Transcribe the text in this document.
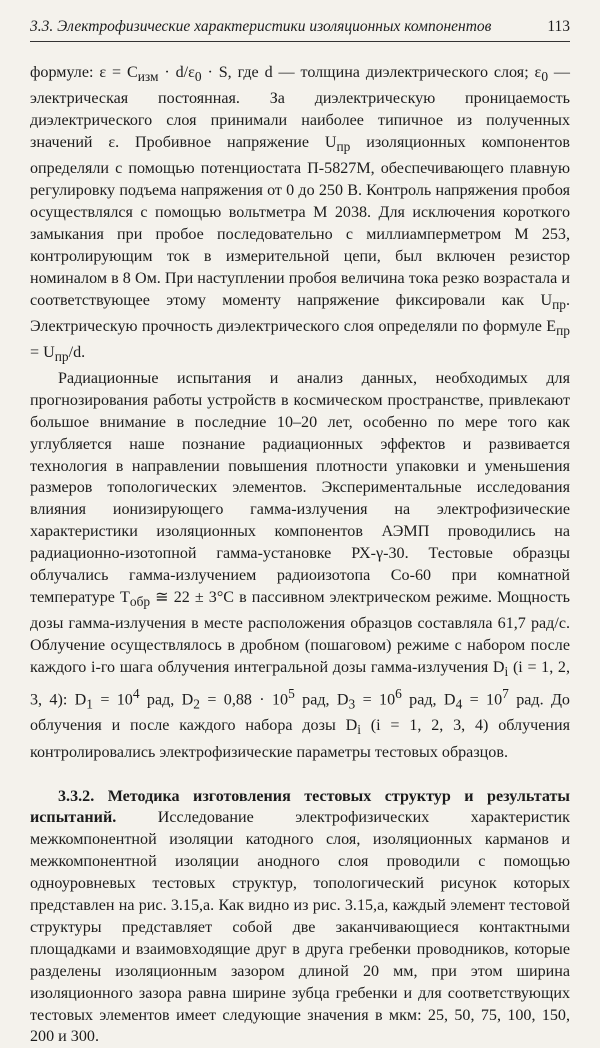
3.3. Электрофизические характеристики изоляционных компонентов	113

формуле: $\varepsilon = C_{изм} \cdot d/\varepsilon_0 \cdot S$, где d — толщина диэлектрического слоя; $\varepsilon_0$ — электрическая постоянная. За диэлектрическую проницаемость диэлектрического слоя принимали наиболее типичное из полученных значений ε. Пробивное напряжение $U_{пр}$ изоляционных компонентов определяли с помощью потенциостата П-5827М, обеспечивающего плавную регулировку подъема напряжения от 0 до 250 В. Контроль напряжения пробоя осуществлялся с помощью вольтметра М 2038. Для исключения короткого замыкания при пробое последовательно с миллиамперметром М 253, контролирующим ток в измерительной цепи, был включен резистор номиналом в 8 Ом. При наступлении пробоя величина тока резко возрастала и соответствующее этому моменту напряжение фиксировали как $U_{пр}$. Электрическую прочность диэлектрического слоя определяли по формуле $E_{пр} = U_{пр}/d$.

Радиационные испытания и анализ данных, необходимых для прогнозирования работы устройств в космическом пространстве, привлекают большое внимание в последние 10–20 лет, особенно по мере того как углубляется наше познание радиационных эффектов и развивается технология в направлении повышения плотности упаковки и уменьшения размеров топологических элементов. Экспериментальные исследования влияния ионизирующего гамма-излучения на электрофизические характеристики изоляционных компонентов АЭМП проводились на радиационно-изотопной гамма-установке РХ-γ-30. Тестовые образцы облучались гамма-излучением радиоизотопа Co-60 при комнатной температуре $T_{обр}$ ≅ 22 ± 3°C в пассивном электрическом режиме. Мощность дозы гамма-излучения в месте расположения образцов составляла 61,7 рад/с. Облучение осуществлялось в дробном (пошаговом) режиме с набором после каждого i-го шага облучения интегральной дозы гамма-излучения $D_i$ (i = 1, 2, 3, 4): $D_1 = 10^4$ рад, $D_2 = 0,88 \cdot 10^5$ рад, $D_3 = 10^6$ рад, $D_4 = 10^7$ рад. До облучения и после каждого набора дозы $D_i$ (i = 1, 2, 3, 4) облучения контролировались электрофизические параметры тестовых образцов.

3.3.2. Методика изготовления тестовых структур и результаты испытаний. Исследование электрофизических характеристик межкомпонентной изоляции катодного слоя, изоляционных карманов и межкомпонентной изоляции анодного слоя проводили с помощью одноуровневых тестовых структур, топологический рисунок которых представлен на рис. 3.15,а. Как видно из рис. 3.15,а, каждый элемент тестовой структуры представляет собой две заканчивающиеся контактными площадками и взаимовходящие друг в друга гребенки проводников, которые разделены изоляционным зазором длиной 20 мм, при этом ширина изоляционного зазора равна ширине зубца гребенки и для соответствующих тестовых элементов имеет следующие значения в мкм: 25, 50, 75, 100, 150, 200 и 300.
